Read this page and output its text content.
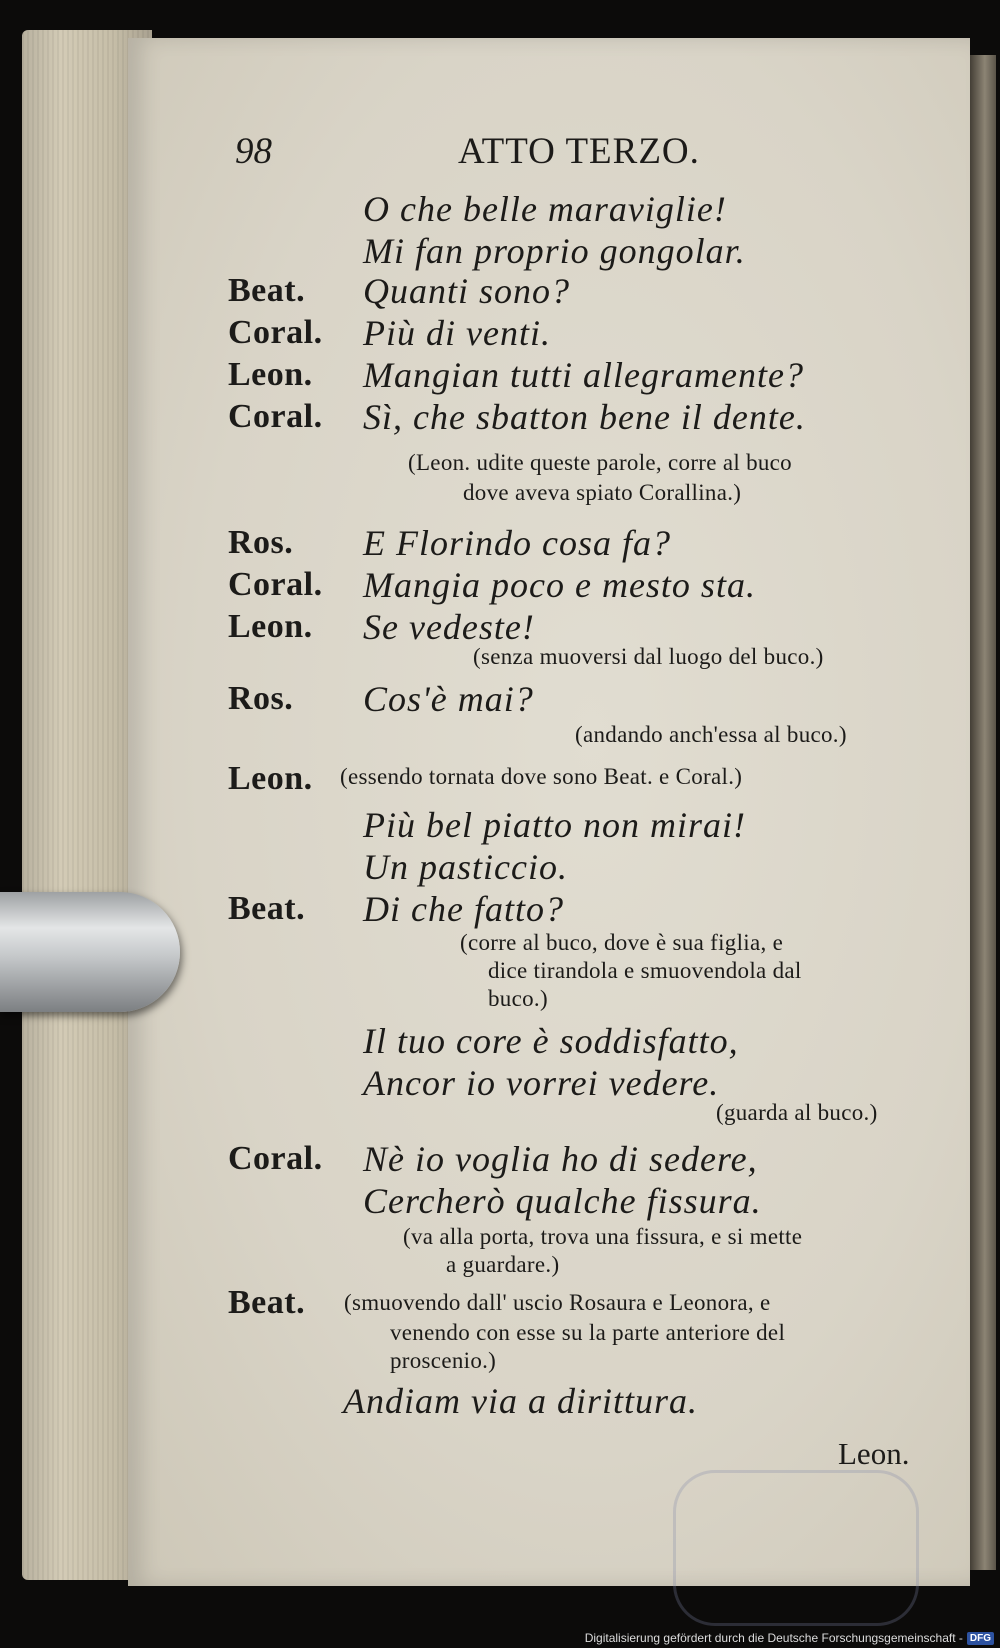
98	ATTO TERZO.
O che belle maraviglie!
Mi fan proprio gongolar.
Beat. Quanti sono?
Coral. Più di venti.
Leon. Mangian tutti allegramente?
Coral. Sì, che sbatton bene il dente.
(Leon. udite queste parole, corre al buco
dove aveva spiato Corallina.)
Ros. E Florindo cosa fa?
Coral. Mangia poco e mesto sta.
Leon. Se vedeste!
(senza muoversi dal luogo del buco.)
Ros. Cos'è mai?
(andando anch'essa al buco.)
Leon. (essendo tornata dove sono Beat. e Coral.)
Più bel piatto non mirai!
Un pasticcio.
Beat. Di che fatto?
(corre al buco, dove è sua figlia, e
dice tirandola e smuovendola dal
buco.)
Il tuo core è soddisfatto,
Ancor io vorrei vedere.
(guarda al buco.)
Coral. Nè io voglia ho di sedere,
Cercherò qualche fissura.
(va alla porta, trova una fissura, e si mette
a guardare.)
Beat. (smuovendo dall' uscio Rosaura e Leonora, e
venendo con esse su la parte anteriore del
proscenio.)
Andiam via a dirittura.
Leon.
Digitalisierung gefördert durch die Deutsche Forschungsgemeinschaft - DFG
